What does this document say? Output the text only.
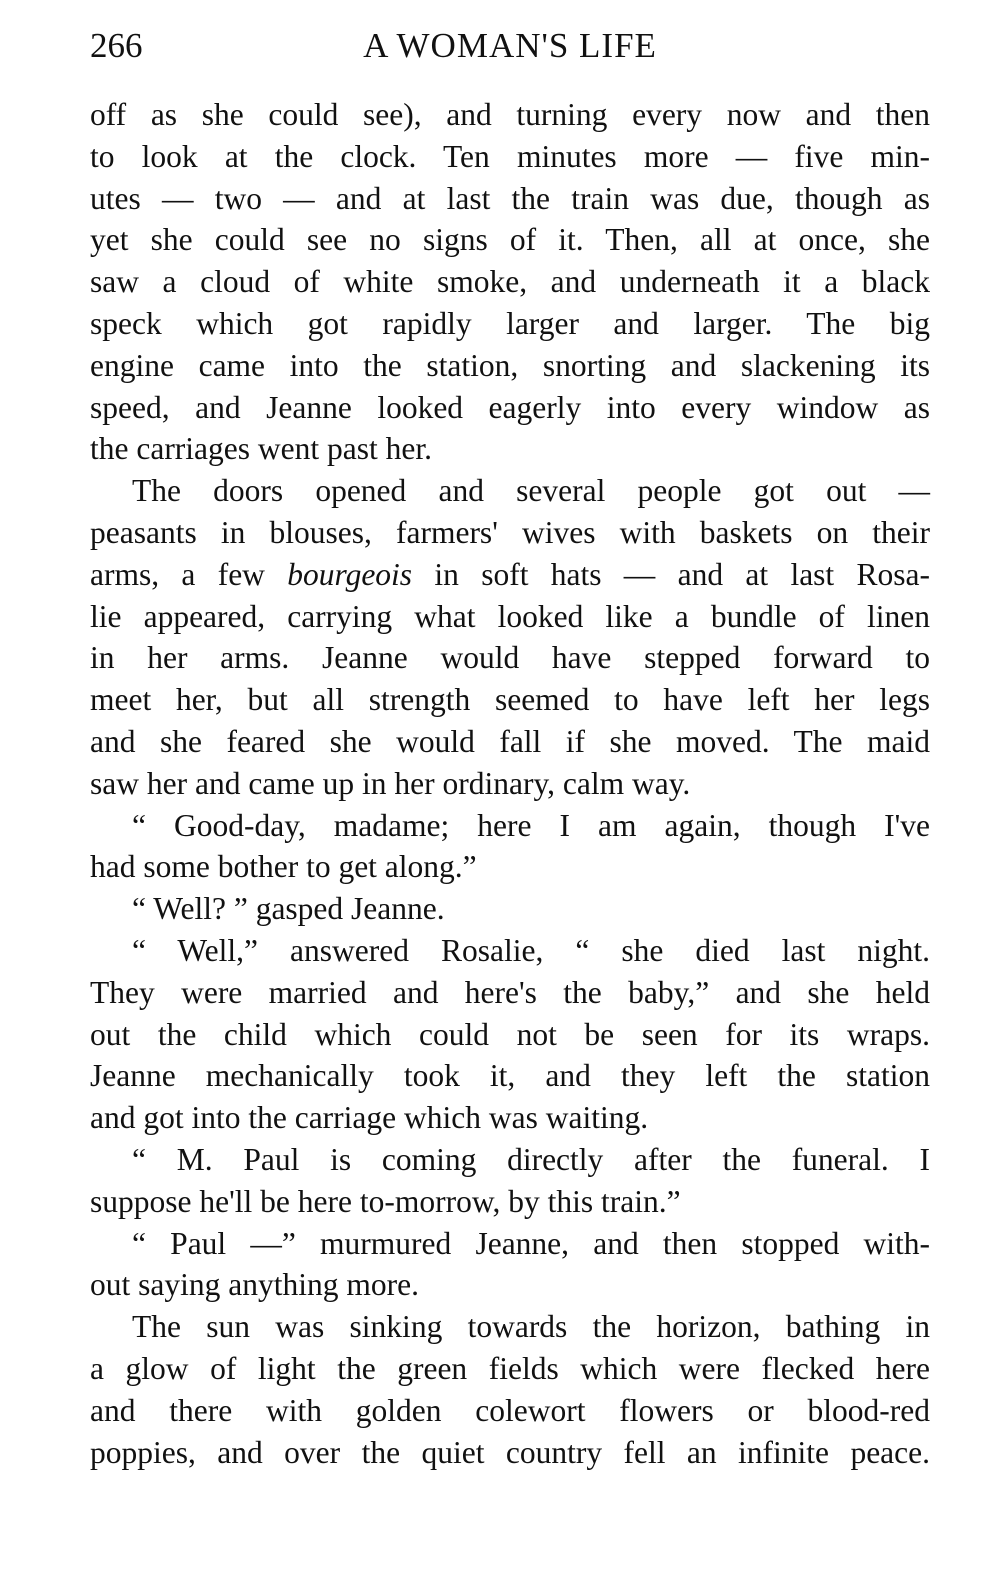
266	A WOMAN'S LIFE
off as she could see), and turning every now and then
to look at the clock. Ten minutes more — five min-
utes — two — and at last the train was due, though as
yet she could see no signs of it. Then, all at once, she
saw a cloud of white smoke, and underneath it a black
speck which got rapidly larger and larger. The big
engine came into the station, snorting and slackening its
speed, and Jeanne looked eagerly into every window as
the carriages went past her.
The doors opened and several people got out —
peasants in blouses, farmers' wives with baskets on their
arms, a few bourgeois in soft hats — and at last Rosa-
lie appeared, carrying what looked like a bundle of linen
in her arms. Jeanne would have stepped forward to
meet her, but all strength seemed to have left her legs
and she feared she would fall if she moved. The maid
saw her and came up in her ordinary, calm way.
“ Good-day, madame; here I am again, though I've
had some bother to get along.”
“ Well? ” gasped Jeanne.
“ Well,” answered Rosalie, “ she died last night.
They were married and here's the baby,” and she held
out the child which could not be seen for its wraps.
Jeanne mechanically took it, and they left the station
and got into the carriage which was waiting.
“ M. Paul is coming directly after the funeral. I
suppose he'll be here to-morrow, by this train.”
“ Paul —” murmured Jeanne, and then stopped with-
out saying anything more.
The sun was sinking towards the horizon, bathing in
a glow of light the green fields which were flecked here
and there with golden colewort flowers or blood-red
poppies, and over the quiet country fell an infinite peace.
